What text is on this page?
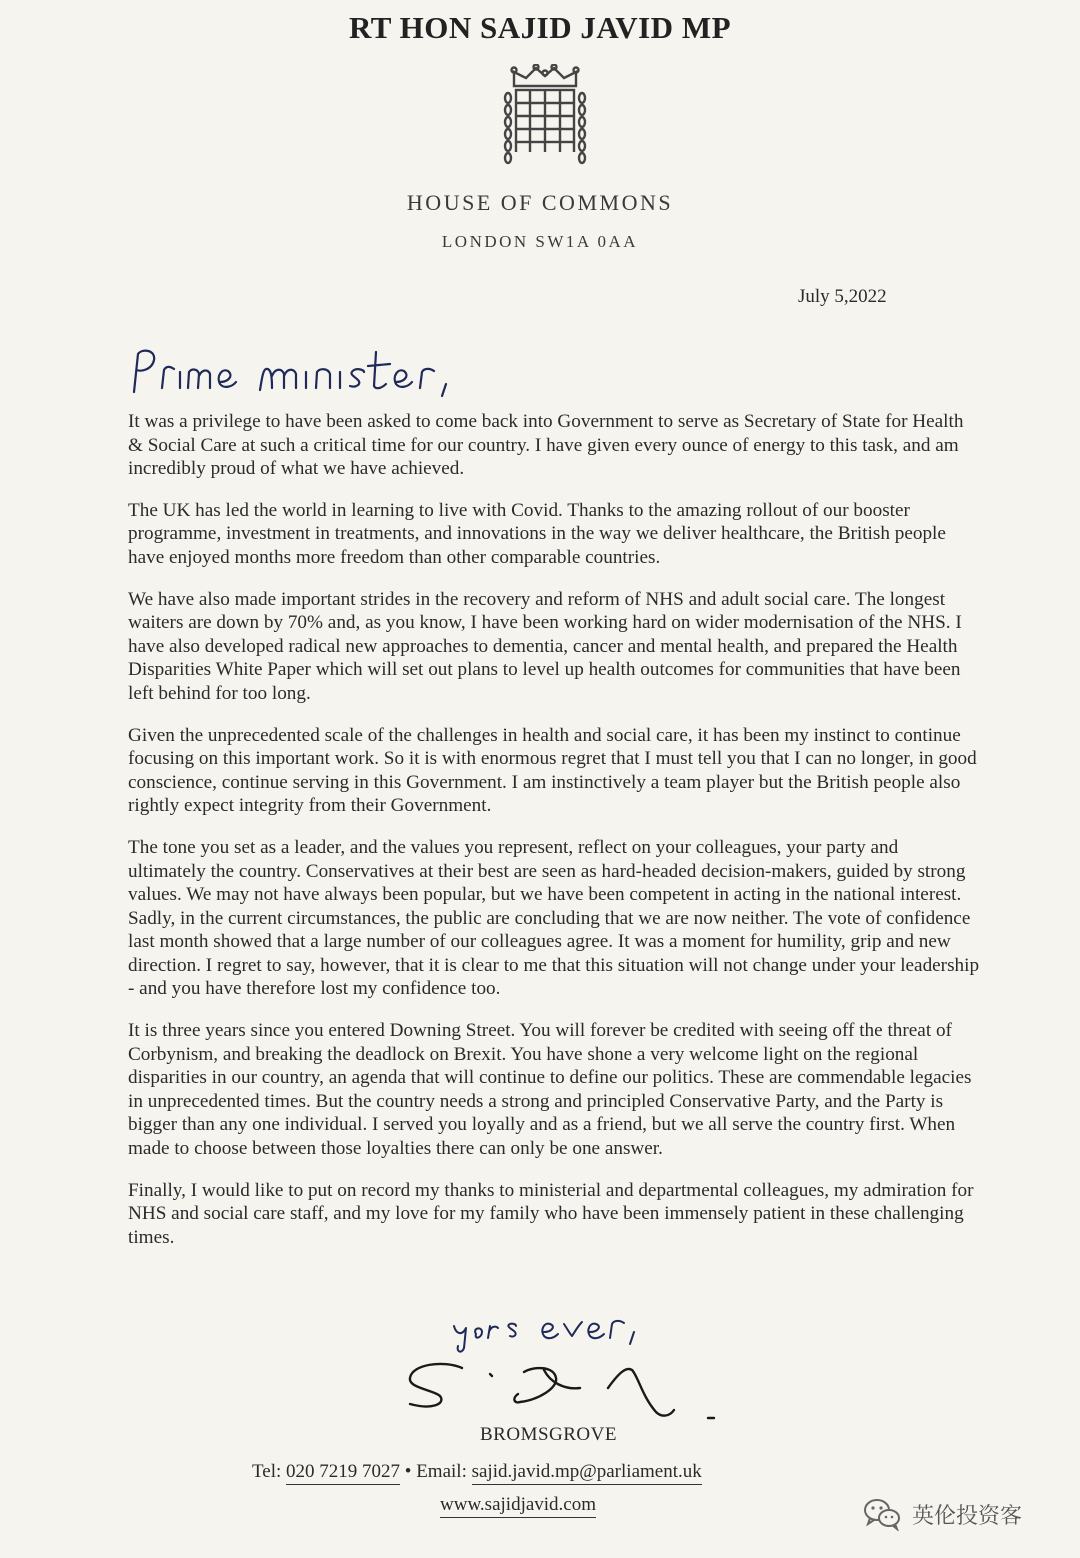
RT HON SAJID JAVID MP
HOUSE OF COMMONS
LONDON SW1A 0AA
July 5,2022

It was a privilege to have been asked to come back into Government to serve as Secretary of State for Health & Social Care at such a critical time for our country. I have given every ounce of energy to this task, and am incredibly proud of what we have achieved.

The UK has led the world in learning to live with Covid. Thanks to the amazing rollout of our booster programme, investment in treatments, and innovations in the way we deliver healthcare, the British people have enjoyed months more freedom than other comparable countries.

We have also made important strides in the recovery and reform of NHS and adult social care. The longest waiters are down by 70% and, as you know, I have been working hard on wider modernisation of the NHS. I have also developed radical new approaches to dementia, cancer and mental health, and prepared the Health Disparities White Paper which will set out plans to level up health outcomes for communities that have been left behind for too long.

Given the unprecedented scale of the challenges in health and social care, it has been my instinct to continue focusing on this important work. So it is with enormous regret that I must tell you that I can no longer, in good conscience, continue serving in this Government. I am instinctively a team player but the British people also rightly expect integrity from their Government.

The tone you set as a leader, and the values you represent, reflect on your colleagues, your party and ultimately the country. Conservatives at their best are seen as hard-headed decision-makers, guided by strong values. We may not have always been popular, but we have been competent in acting in the national interest. Sadly, in the current circumstances, the public are concluding that we are now neither. The vote of confidence last month showed that a large number of our colleagues agree. It was a moment for humility, grip and new direction. I regret to say, however, that it is clear to me that this situation will not change under your leadership - and you have therefore lost my confidence too.

It is three years since you entered Downing Street. You will forever be credited with seeing off the threat of Corbynism, and breaking the deadlock on Brexit. You have shone a very welcome light on the regional disparities in our country, an agenda that will continue to define our politics. These are commendable legacies in unprecedented times. But the country needs a strong and principled Conservative Party, and the Party is bigger than any one individual. I served you loyally and as a friend, but we all serve the country first. When made to choose between those loyalties there can only be one answer.

Finally, I would like to put on record my thanks to ministerial and departmental colleagues, my admiration for NHS and social care staff, and my love for my family who have been immensely patient in these challenging times.

BROMSGROVE
Tel: 020 7219 7027 • Email: sajid.javid.mp@parliament.uk
www.sajidjavid.com	英伦投资客
